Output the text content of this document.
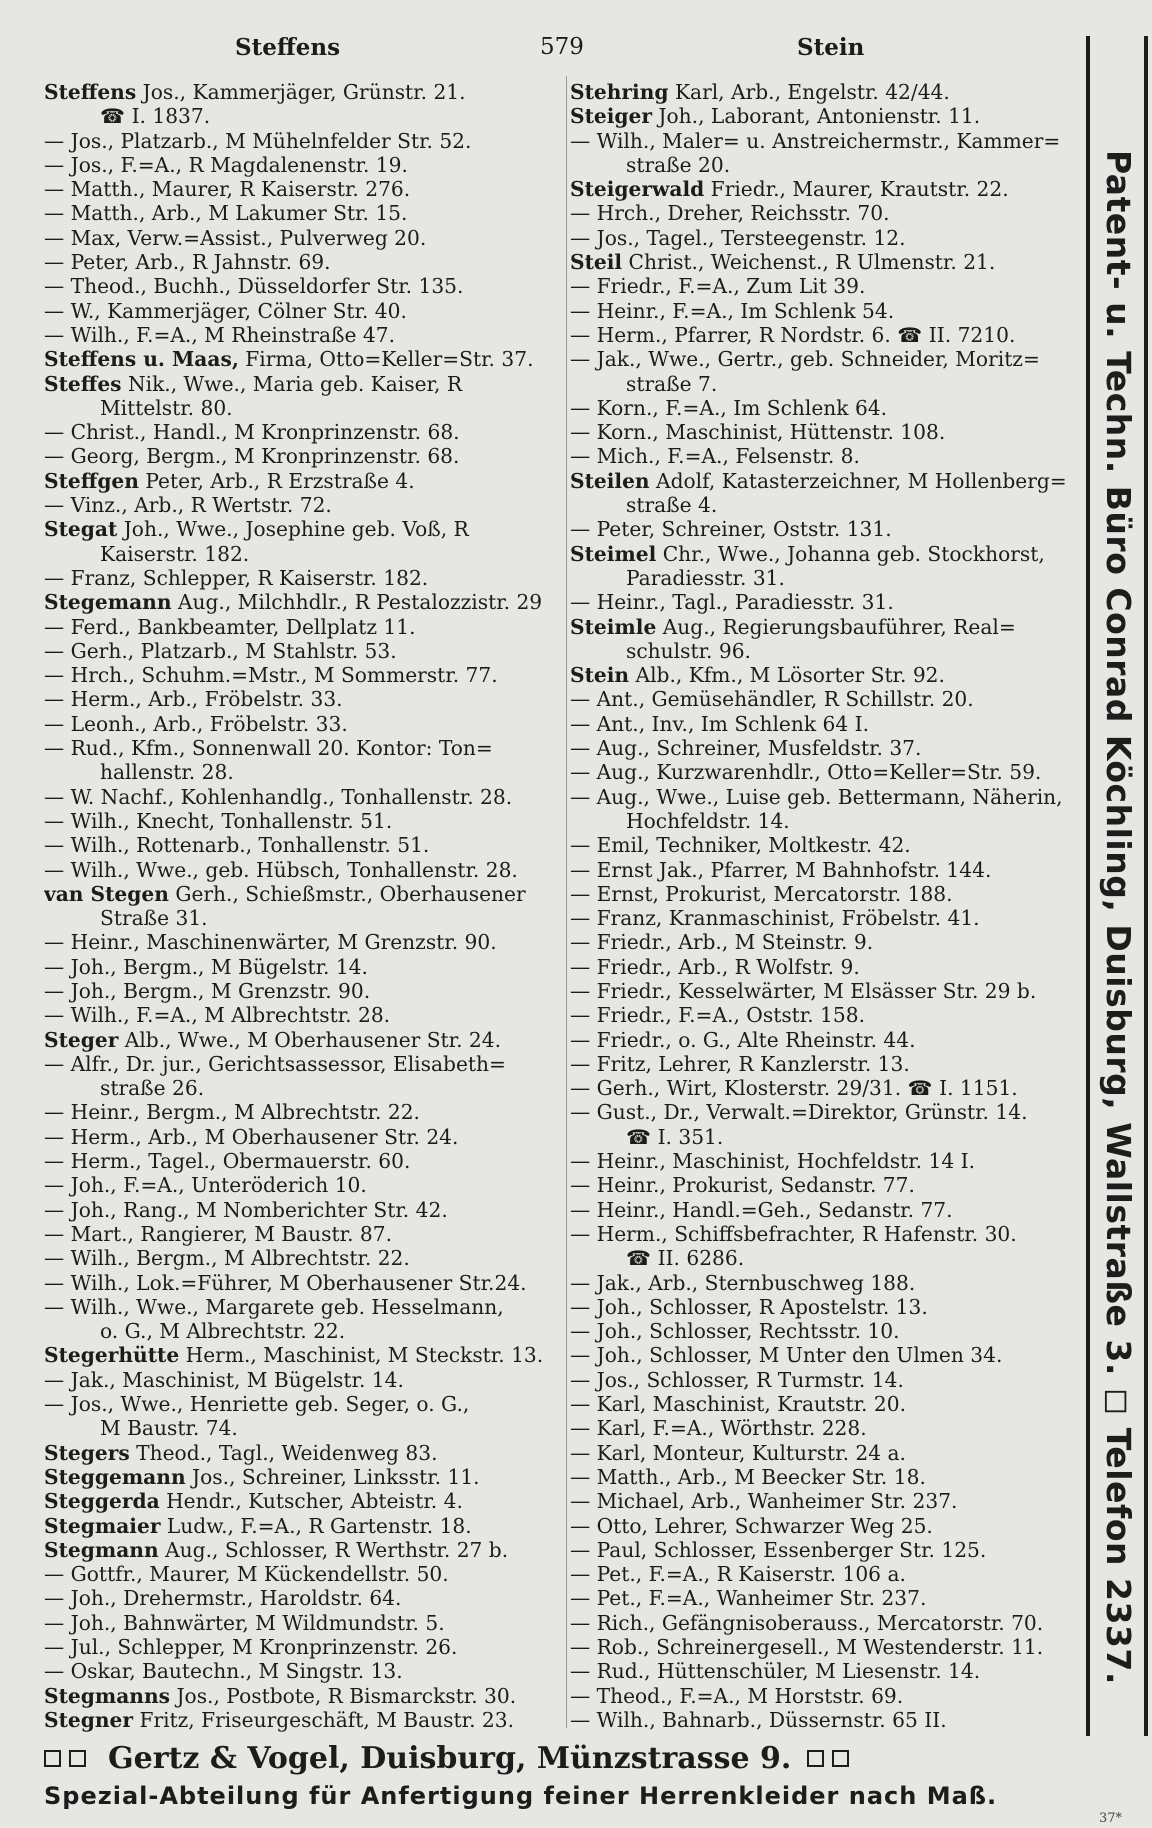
Steffens	579	Stein
Steffens Jos., Kammerjäger, Grünstr. 21.
☎ I. 1837.
— Jos., Platzarb., M Mühelnfelder Str. 52.
— Jos., F.=A., R Magdalenenstr. 19.
— Matth., Maurer, R Kaiserstr. 276.
— Matth., Arb., M Lakumer Str. 15.
— Max, Verw.=Assist., Pulverweg 20.
— Peter, Arb., R Jahnstr. 69.
— Theod., Buchh., Düsseldorfer Str. 135.
— W., Kammerjäger, Cölner Str. 40.
— Wilh., F.=A., M Rheinstraße 47.
Steffens u. Maas, Firma, Otto=Keller=Str. 37.
Steffes Nik., Wwe., Maria geb. Kaiser, R
Mittelstr. 80.
— Christ., Handl., M Kronprinzenstr. 68.
— Georg, Bergm., M Kronprinzenstr. 68.
Steffgen Peter, Arb., R Erzstraße 4.
— Vinz., Arb., R Wertstr. 72.
Stegat Joh., Wwe., Josephine geb. Voß, R
Kaiserstr. 182.
— Franz, Schlepper, R Kaiserstr. 182.
Stegemann Aug., Milchhdlr., R Pestalozzistr. 29
— Ferd., Bankbeamter, Dellplatz 11.
— Gerh., Platzarb., M Stahlstr. 53.
— Hrch., Schuhm.=Mstr., M Sommerstr. 77.
— Herm., Arb., Fröbelstr. 33.
— Leonh., Arb., Fröbelstr. 33.
— Rud., Kfm., Sonnenwall 20. Kontor: Ton=
hallenstr. 28.
— W. Nachf., Kohlenhandlg., Tonhallenstr. 28.
— Wilh., Knecht, Tonhallenstr. 51.
— Wilh., Rottenarb., Tonhallenstr. 51.
— Wilh., Wwe., geb. Hübsch, Tonhallenstr. 28.
van Stegen Gerh., Schießmstr., Oberhausener
Straße 31.
— Heinr., Maschinenwärter, M Grenzstr. 90.
— Joh., Bergm., M Bügelstr. 14.
— Joh., Bergm., M Grenzstr. 90.
— Wilh., F.=A., M Albrechtstr. 28.
Steger Alb., Wwe., M Oberhausener Str. 24.
— Alfr., Dr. jur., Gerichtsassessor, Elisabeth=
straße 26.
— Heinr., Bergm., M Albrechtstr. 22.
— Herm., Arb., M Oberhausener Str. 24.
— Herm., Tagel., Obermauerstr. 60.
— Joh., F.=A., Unteröderich 10.
— Joh., Rang., M Nomberichter Str. 42.
— Mart., Rangierer, M Baustr. 87.
— Wilh., Bergm., M Albrechtstr. 22.
— Wilh., Lok.=Führer, M Oberhausener Str.24.
— Wilh., Wwe., Margarete geb. Hesselmann,
o. G., M Albrechtstr. 22.
Stegerhütte Herm., Maschinist, M Steckstr. 13.
— Jak., Maschinist, M Bügelstr. 14.
— Jos., Wwe., Henriette geb. Seger, o. G.,
M Baustr. 74.
Stegers Theod., Tagl., Weidenweg 83.
Steggemann Jos., Schreiner, Linksstr. 11.
Steggerda Hendr., Kutscher, Abteistr. 4.
Stegmaier Ludw., F.=A., R Gartenstr. 18.
Stegmann Aug., Schlosser, R Werthstr. 27 b.
— Gottfr., Maurer, M Kückendellstr. 50.
— Joh., Drehermstr., Haroldstr. 64.
— Joh., Bahnwärter, M Wildmundstr. 5.
— Jul., Schlepper, M Kronprinzenstr. 26.
— Oskar, Bautechn., M Singstr. 13.
Stegmanns Jos., Postbote, R Bismarckstr. 30.
Stegner Fritz, Friseurgeschäft, M Baustr. 23.
Stehring Karl, Arb., Engelstr. 42/44.
Steiger Joh., Laborant, Antonienstr. 11.
— Wilh., Maler= u. Anstreichermstr., Kammer=
straße 20.
Steigerwald Friedr., Maurer, Krautstr. 22.
— Hrch., Dreher, Reichsstr. 70.
— Jos., Tagel., Tersteegenstr. 12.
Steil Christ., Weichenst., R Ulmenstr. 21.
— Friedr., F.=A., Zum Lit 39.
— Heinr., F.=A., Im Schlenk 54.
— Herm., Pfarrer, R Nordstr. 6. ☎ II. 7210.
— Jak., Wwe., Gertr., geb. Schneider, Moritz=
straße 7.
— Korn., F.=A., Im Schlenk 64.
— Korn., Maschinist, Hüttenstr. 108.
— Mich., F.=A., Felsenstr. 8.
Steilen Adolf, Katasterzeichner, M Hollenberg=
straße 4.
— Peter, Schreiner, Oststr. 131.
Steimel Chr., Wwe., Johanna geb. Stockhorst,
Paradiesstr. 31.
— Heinr., Tagl., Paradiesstr. 31.
Steimle Aug., Regierungsbauführer, Real=
schulstr. 96.
Stein Alb., Kfm., M Lösorter Str. 92.
— Ant., Gemüsehändler, R Schillstr. 20.
— Ant., Inv., Im Schlenk 64 I.
— Aug., Schreiner, Musfeldstr. 37.
— Aug., Kurzwarenhdlr., Otto=Keller=Str. 59.
— Aug., Wwe., Luise geb. Bettermann, Näherin,
Hochfeldstr. 14.
— Emil, Techniker, Moltkestr. 42.
— Ernst Jak., Pfarrer, M Bahnhofstr. 144.
— Ernst, Prokurist, Mercatorstr. 188.
— Franz, Kranmaschinist, Fröbelstr. 41.
— Friedr., Arb., M Steinstr. 9.
— Friedr., Arb., R Wolfstr. 9.
— Friedr., Kesselwärter, M Elsässer Str. 29 b.
— Friedr., F.=A., Oststr. 158.
— Friedr., o. G., Alte Rheinstr. 44.
— Fritz, Lehrer, R Kanzlerstr. 13.
— Gerh., Wirt, Klosterstr. 29/31. ☎ I. 1151.
— Gust., Dr., Verwalt.=Direktor, Grünstr. 14.
☎ I. 351.
— Heinr., Maschinist, Hochfeldstr. 14 I.
— Heinr., Prokurist, Sedanstr. 77.
— Heinr., Handl.=Geh., Sedanstr. 77.
— Herm., Schiffsbefrachter, R Hafenstr. 30.
☎ II. 6286.
— Jak., Arb., Sternbuschweg 188.
— Joh., Schlosser, R Apostelstr. 13.
— Joh., Schlosser, Rechtsstr. 10.
— Joh., Schlosser, M Unter den Ulmen 34.
— Jos., Schlosser, R Turmstr. 14.
— Karl, Maschinist, Krautstr. 20.
— Karl, F.=A., Wörthstr. 228.
— Karl, Monteur, Kulturstr. 24 a.
— Matth., Arb., M Beecker Str. 18.
— Michael, Arb., Wanheimer Str. 237.
— Otto, Lehrer, Schwarzer Weg 25.
— Paul, Schlosser, Essenberger Str. 125.
— Pet., F.=A., R Kaiserstr. 106 a.
— Pet., F.=A., Wanheimer Str. 237.
— Rich., Gefängnisoberauss., Mercatorstr. 70.
— Rob., Schreinergesell., M Westenderstr. 11.
— Rud., Hüttenschüler, M Liesenstr. 14.
— Theod., F.=A., M Horststr. 69.
— Wilh., Bahnarb., Düssernstr. 65 II.
Patent- u. Techn. Büro Conrad Köchling, Duisburg, Wallstraße 3. ◻ Telefon 2337.
Gertz & Vogel, Duisburg, Münzstrasse 9.
Spezial-Abteilung für Anfertigung feiner Herrenkleider nach Maß.
37*
